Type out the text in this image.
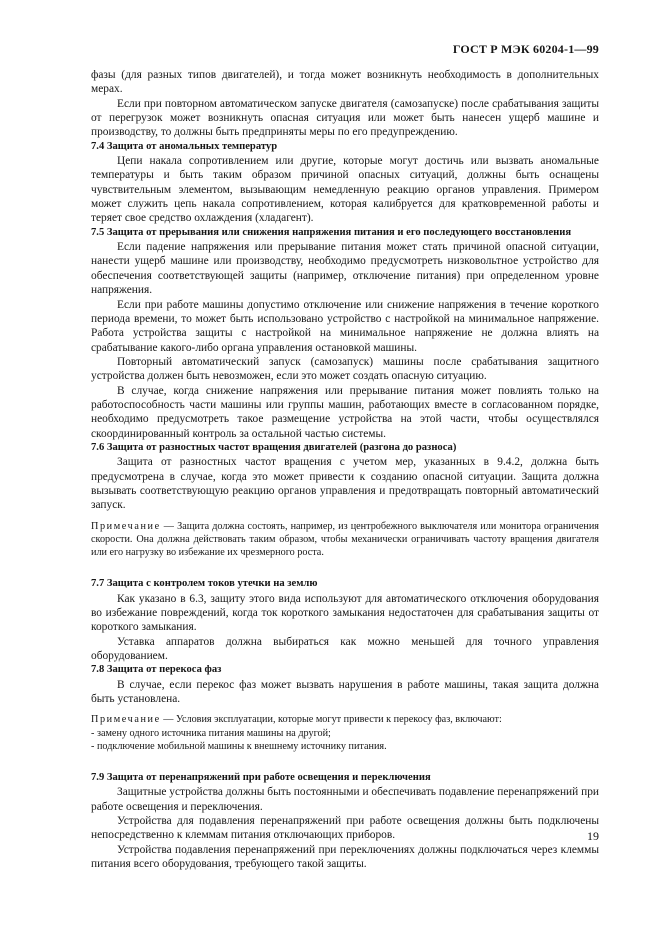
ГОСТ Р МЭК 60204-1—99

фазы (для разных типов двигателей), и тогда может возникнуть необходимость в дополнительных мерах.

Если при повторном автоматическом запуске двигателя (самозапуске) после срабатывания защиты от перегрузок может возникнуть опасная ситуация или может быть нанесен ущерб машине и производству, то должны быть предприняты меры по его предупреждению.

7.4 Защита от аномальных температур

Цепи накала сопротивлением или другие, которые могут достичь или вызвать аномальные температуры и быть таким образом причиной опасных ситуаций, должны быть оснащены чувствительным элементом, вызывающим немедленную реакцию органов управления. Примером может служить цепь накала сопротивлением, которая калибруется для кратковременной работы и теряет свое средство охлаждения (хладагент).

7.5 Защита от прерывания или снижения напряжения питания и его последующего восстановления

Если падение напряжения или прерывание питания может стать причиной опасной ситуации, нанести ущерб машине или производству, необходимо предусмотреть низковольтное устройство для обеспечения соответствующей защиты (например, отключение питания) при определенном уровне напряжения.

Если при работе машины допустимо отключение или снижение напряжения в течение короткого периода времени, то может быть использовано устройство с настройкой на минимальное напряжение. Работа устройства защиты с настройкой на минимальное напряжение не должна влиять на срабатывание какого-либо органа управления остановкой машины.

Повторный автоматический запуск (самозапуск) машины после срабатывания защитного устройства должен быть невозможен, если это может создать опасную ситуацию.

В случае, когда снижение напряжения или прерывание питания может повлиять только на работоспособность части машины или группы машин, работающих вместе в согласованном порядке, необходимо предусмотреть такое размещение устройства на этой части, чтобы осуществлялся скоординированный контроль за остальной частью системы.

7.6 Защита от разностных частот вращения двигателей (разгона до разноса)

Защита от разностных частот вращения с учетом мер, указанных в 9.4.2, должна быть предусмотрена в случае, когда это может привести к созданию опасной ситуации. Защита должна вызывать соответствующую реакцию органов управления и предотвращать повторный автоматический запуск.

Примечание — Защита должна состоять, например, из центробежного выключателя или монитора ограничения скорости. Она должна действовать таким образом, чтобы механически ограничивать частоту вращения двигателя или его нагрузку во избежание их чрезмерного роста.

7.7 Защита с контролем токов утечки на землю

Как указано в 6.3, защиту этого вида используют для автоматического отключения оборудования во избежание повреждений, когда ток короткого замыкания недостаточен для срабатывания защиты от короткого замыкания.

Уставка аппаратов должна выбираться как можно меньшей для точного управления оборудованием.

7.8 Защита от перекоса фаз

В случае, если перекос фаз может вызвать нарушения в работе машины, такая защита должна быть установлена.

Примечание — Условия эксплуатации, которые могут привести к перекосу фаз, включают:

- замену одного источника питания машины на другой;

- подключение мобильной машины к внешнему источнику питания.

7.9 Защита от перенапряжений при работе освещения и переключения

Защитные устройства должны быть постоянными и обеспечивать подавление перенапряжений при работе освещения и переключения.

Устройства для подавления перенапряжений при работе освещения должны быть подключены непосредственно к клеммам питания отключающих приборов.

Устройства подавления перенапряжений при переключениях должны подключаться через клеммы питания всего оборудования, требующего такой защиты.

19
